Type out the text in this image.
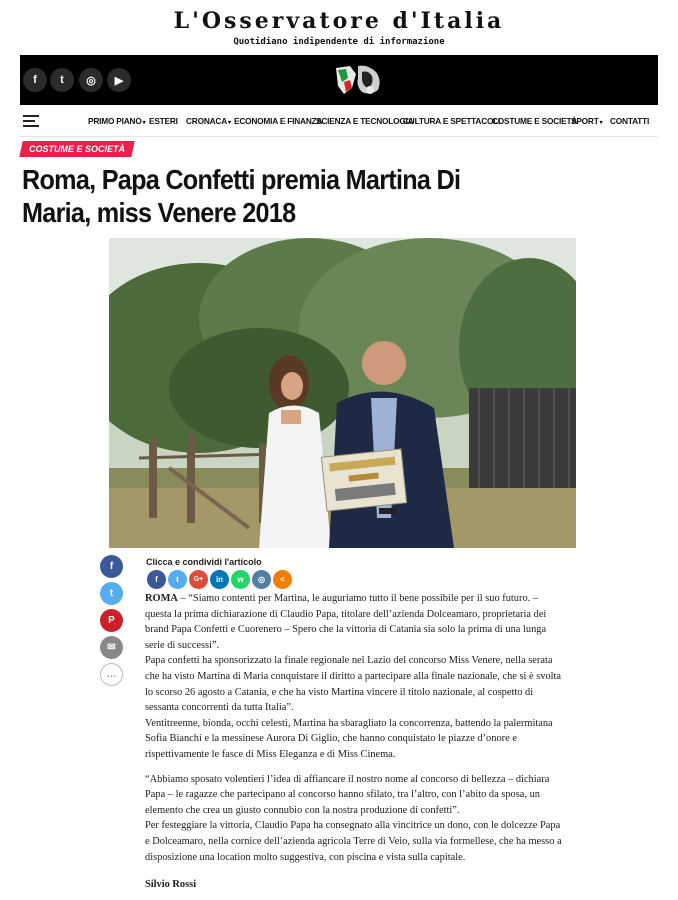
L'Osservatore d'Italia
Quotidiano indipendente di informazione
f	t	◎	▶
PRIMO PIANO▾ ESTERI CRONACA▾ ECONOMIA E FINANZA
SCIENZA E TECNOLOGIA
CULTURA E SPETTACOLI
COSTUME E SOCIETÀ
SPORT▾ CONTATTI
COSTUME E SOCIETÀ
Roma, Papa Confetti premia Martina Di Maria, miss Venere 2018
f
t
P
✉
…
Clicca e condividi l'articolo
f	t	G+	in	w	◎	<

ROMA – “Siamo contenti per Martina, le auguriamo tutto il bene possibile per il suo futuro. – questa la prima dichiarazione di Claudio Papa, titolare dell’azienda Dolceamaro, proprietaria dei brand Papa Confetti e Cuorenero – Spero che la vittoria di Catania sia solo la prima di una lunga serie di successi”.

Papa confetti ha sponsorizzato la finale regionale nel Lazio del concorso Miss Venere, nella serata che ha visto Martina di Maria conquistare il diritto a partecipare alla finale nazionale, che si è svolta lo scorso 26 agosto a Catania, e che ha visto Martina vincere il titolo nazionale, al cospetto di sessanta concorrenti da tutta Italia”.

Ventitreenne, bionda, occhi celesti, Martina ha sbaragliato la concorrenza, battendo la palermitana Sofia Bianchi e la messinese Aurora Di Giglio, che hanno conquistato le piazze d’onore e rispettivamente le fasce di Miss Eleganza e di Miss Cinema.

“Abbiamo sposato volentieri l’idea di affiancare il nostro nome al concorso di bellezza – dichiara Papa – le ragazze che partecipano al concorso hanno sfilato, tra l’altro, con l’abito da sposa, un elemento che crea un giusto connubio con la nostra produzione di confetti”.

Per festeggiare la vittoria, Claudio Papa ha consegnato alla vincitrice un dono, con le dolcezze Papa e Dolceamaro, nella cornice dell’azienda agricola Terre di Veio, sulla via formellese, che ha messo a disposizione una location molto suggestiva, con piscina e vista sulla capitale.

Silvio Rossi
